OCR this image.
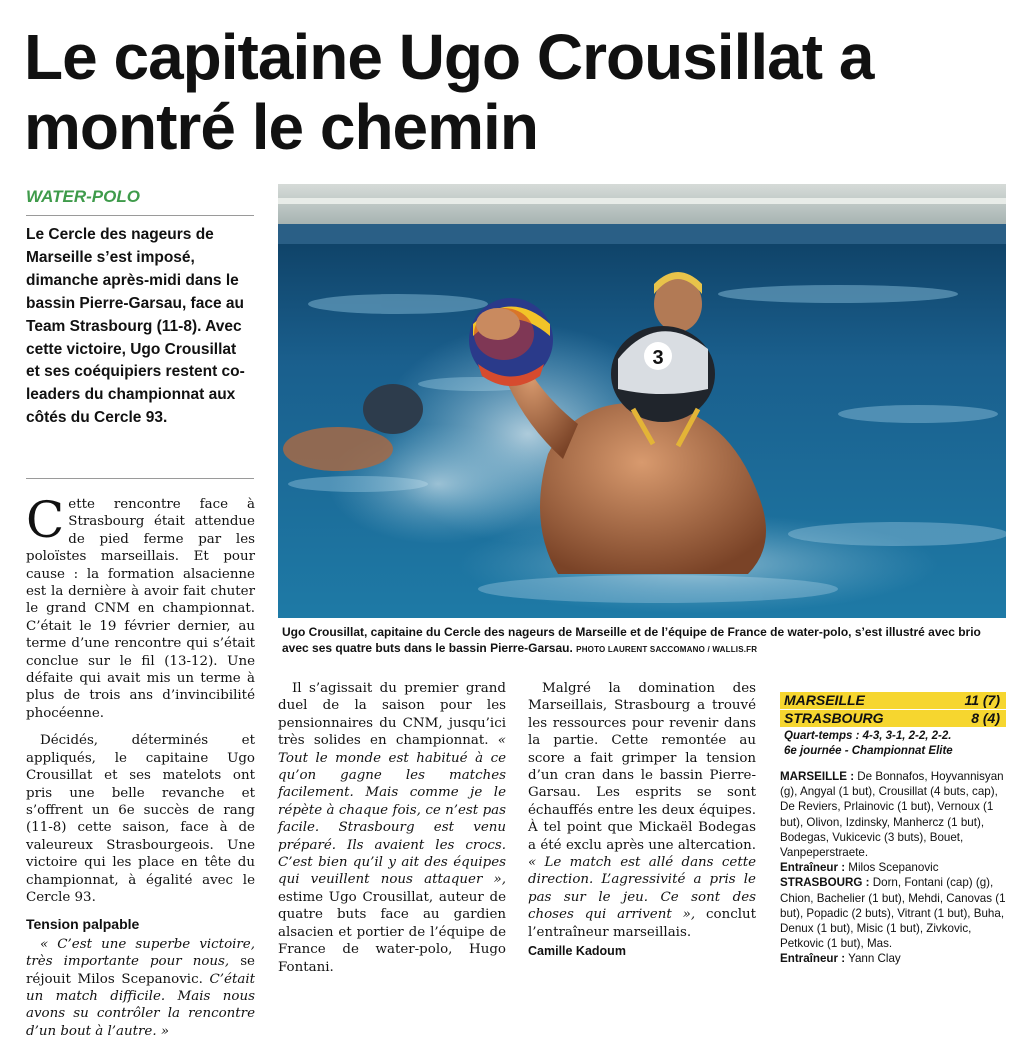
Le capitaine Ugo Crousillat a montré le chemin
WATER-POLO

Le Cercle des nageurs de Marseille s’est imposé, dimanche après-midi dans le bassin Pierre-Garsau, face au Team Strasbourg (11-8). Avec cette victoire, Ugo Crousillat et ses coéquipiers restent co-leaders du championnat aux côtés du Cercle 93.

3

Ugo Crousillat, capitaine du Cercle des nageurs de Marseille et de l’équipe de France de water-polo, s’est illustré avec brio avec ses quatre buts dans le bassin Pierre-Garsau. PHOTO LAURENT SACCOMANO / WALLIS.FR

Cette rencontre face à Strasbourg était attendue de pied ferme par les poloïstes marseillais. Et pour cause : la formation alsacienne est la dernière à avoir fait chuter le grand CNM en championnat. C’était le 19 février dernier, au terme d’une rencontre qui s’était conclue sur le fil (13-12). Une défaite qui avait mis un terme à plus de trois ans d’invincibilité phocéenne.

Décidés, déterminés et appliqués, le capitaine Ugo Crousillat et ses matelots ont pris une belle revanche et s’offrent un 6e succès de rang (11-8) cette saison, face à de valeureux Strasbourgeois. Une victoire qui les place en tête du championnat, à égalité avec le Cercle 93.

Tension palpable

« C’est une superbe victoire, très importante pour nous, se réjouit Milos Scepanovic. C’était un match difficile. Mais nous avons su contrôler la rencontre d’un bout à l’autre. »

Il s’agissait du premier grand duel de la saison pour les pensionnaires du CNM, jusqu’ici très solides en championnat. « Tout le monde est habitué à ce qu’on gagne les matches facilement. Mais comme je le répète à chaque fois, ce n’est pas facile. Strasbourg est venu préparé. Ils avaient les crocs. C’est bien qu’il y ait des équipes qui veuillent nous attaquer », estime Ugo Crousillat, auteur de quatre buts face au gardien alsacien et portier de l’équipe de France de water-polo, Hugo Fontani.

Malgré la domination des Marseillais, Strasbourg a trouvé les ressources pour revenir dans la partie. Cette remontée au score a fait grimper la tension d’un cran dans le bassin Pierre-Garsau. Les esprits se sont échauffés entre les deux équipes. À tel point que Mickaël Bodegas a été exclu après une altercation. « Le match est allé dans cette direction. L’agressivité a pris le pas sur le jeu. Ce sont des choses qui arrivent », conclut l’entraîneur marseillais.

Camille Kadoum

MARSEILLE	11 (7)
STRASBOURG	8 (4)
Quart-temps : 4-3, 3-1, 2-2, 2-2.
6e journée - Championnat Elite

MARSEILLE : De Bonnafos, Hoyvannisyan (g), Angyal (1 but), Crousillat (4 buts, cap), De Reviers, Prlainovic (1 but), Vernoux (1 but), Olivon, Izdinsky, Manhercz (1 but), Bodegas, Vukicevic (3 buts), Bouet, Vanpeperstraete.

Entraîneur : Milos Scepanovic

STRASBOURG : Dorn, Fontani (cap) (g), Chion, Bachelier (1 but), Mehdi, Canovas (1 but), Popadic (2 buts), Vitrant (1 but), Buha, Denux (1 but), Misic (1 but), Zivkovic, Petkovic (1 but), Mas.

Entraîneur : Yann Clay
